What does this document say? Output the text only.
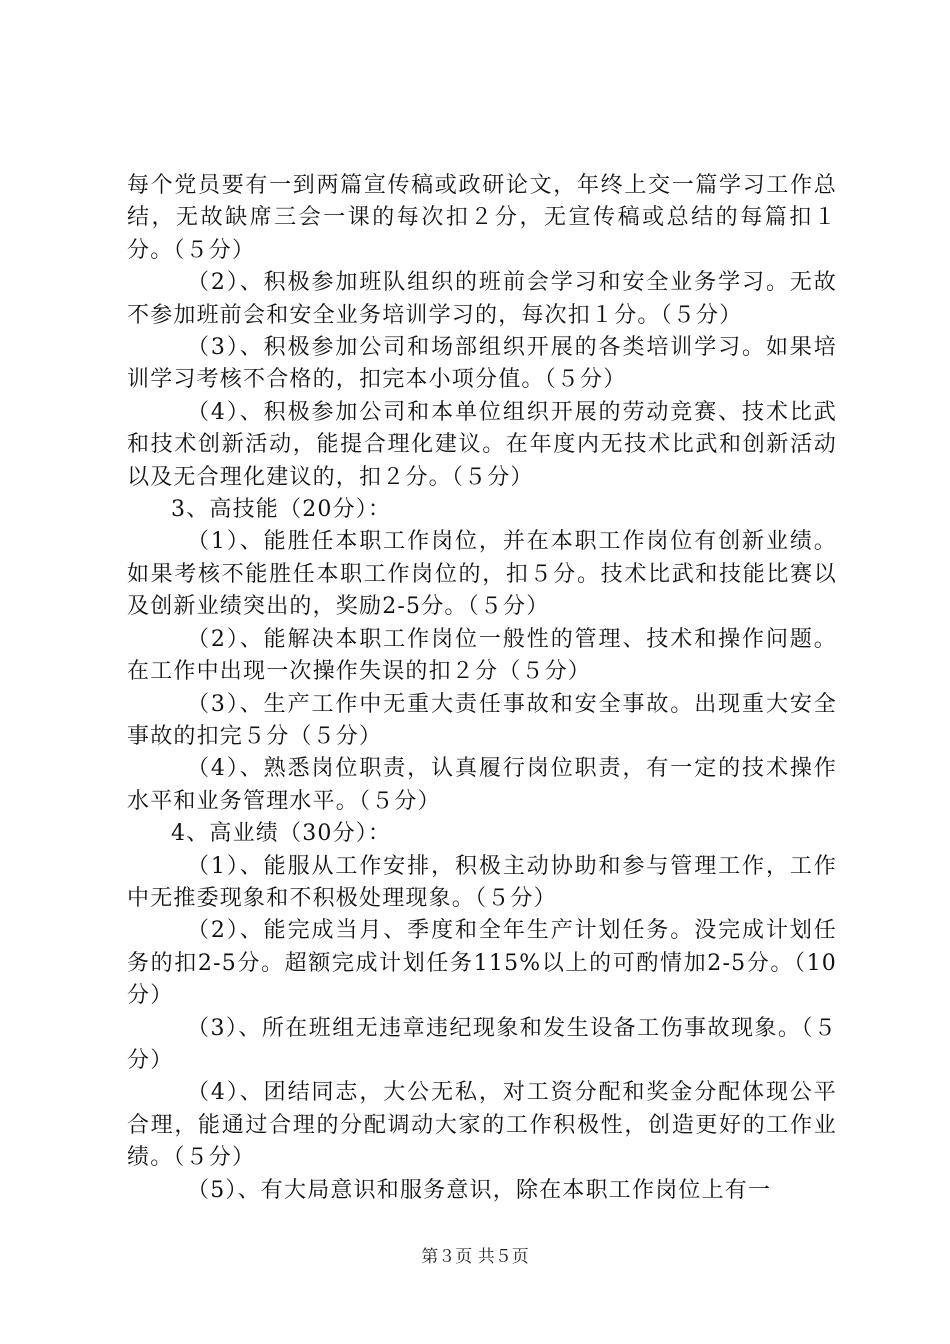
每个党员要有一到两篇宣传稿或政研论文，年终上交一篇学习工作总结，无故缺席三会一课的每次扣２分，无宣传稿或总结的每篇扣１分。（５分）

（2）、积极参加班队组织的班前会学习和安全业务学习。无故不参加班前会和安全业务培训学习的，每次扣１分。（５分）

（3）、积极参加公司和场部组织开展的各类培训学习。如果培训学习考核不合格的，扣完本小项分值。（５分）

（4）、积极参加公司和本单位组织开展的劳动竞赛、技术比武和技术创新活动，能提合理化建议。在年度内无技术比武和创新活动以及无合理化建议的，扣２分。（５分）

3、高技能（20分）：

（1）、能胜任本职工作岗位，并在本职工作岗位有创新业绩。如果考核不能胜任本职工作岗位的，扣５分。技术比武和技能比赛以及创新业绩突出的，奖励2-5分。（５分）

（2）、能解决本职工作岗位一般性的管理、技术和操作问题。在工作中出现一次操作失误的扣２分（５分）

（3）、生产工作中无重大责任事故和安全事故。出现重大安全事故的扣完５分（５分）

（4）、熟悉岗位职责，认真履行岗位职责，有一定的技术操作水平和业务管理水平。（５分）

4、高业绩（30分）：

（1）、能服从工作安排，积极主动协助和参与管理工作，工作中无推委现象和不积极处理现象。（５分）

（2）、能完成当月、季度和全年生产计划任务。没完成计划任务的扣2-5分。超额完成计划任务115%以上的可酌情加2-5分。（10分）

（3）、所在班组无违章违纪现象和发生设备工伤事故现象。（５分）

（4）、团结同志，大公无私，对工资分配和奖金分配体现公平合理，能通过合理的分配调动大家的工作积极性，创造更好的工作业绩。（５分）

（5）、有大局意识和服务意识，除在本职工作岗位上有一

第３页 共５页
